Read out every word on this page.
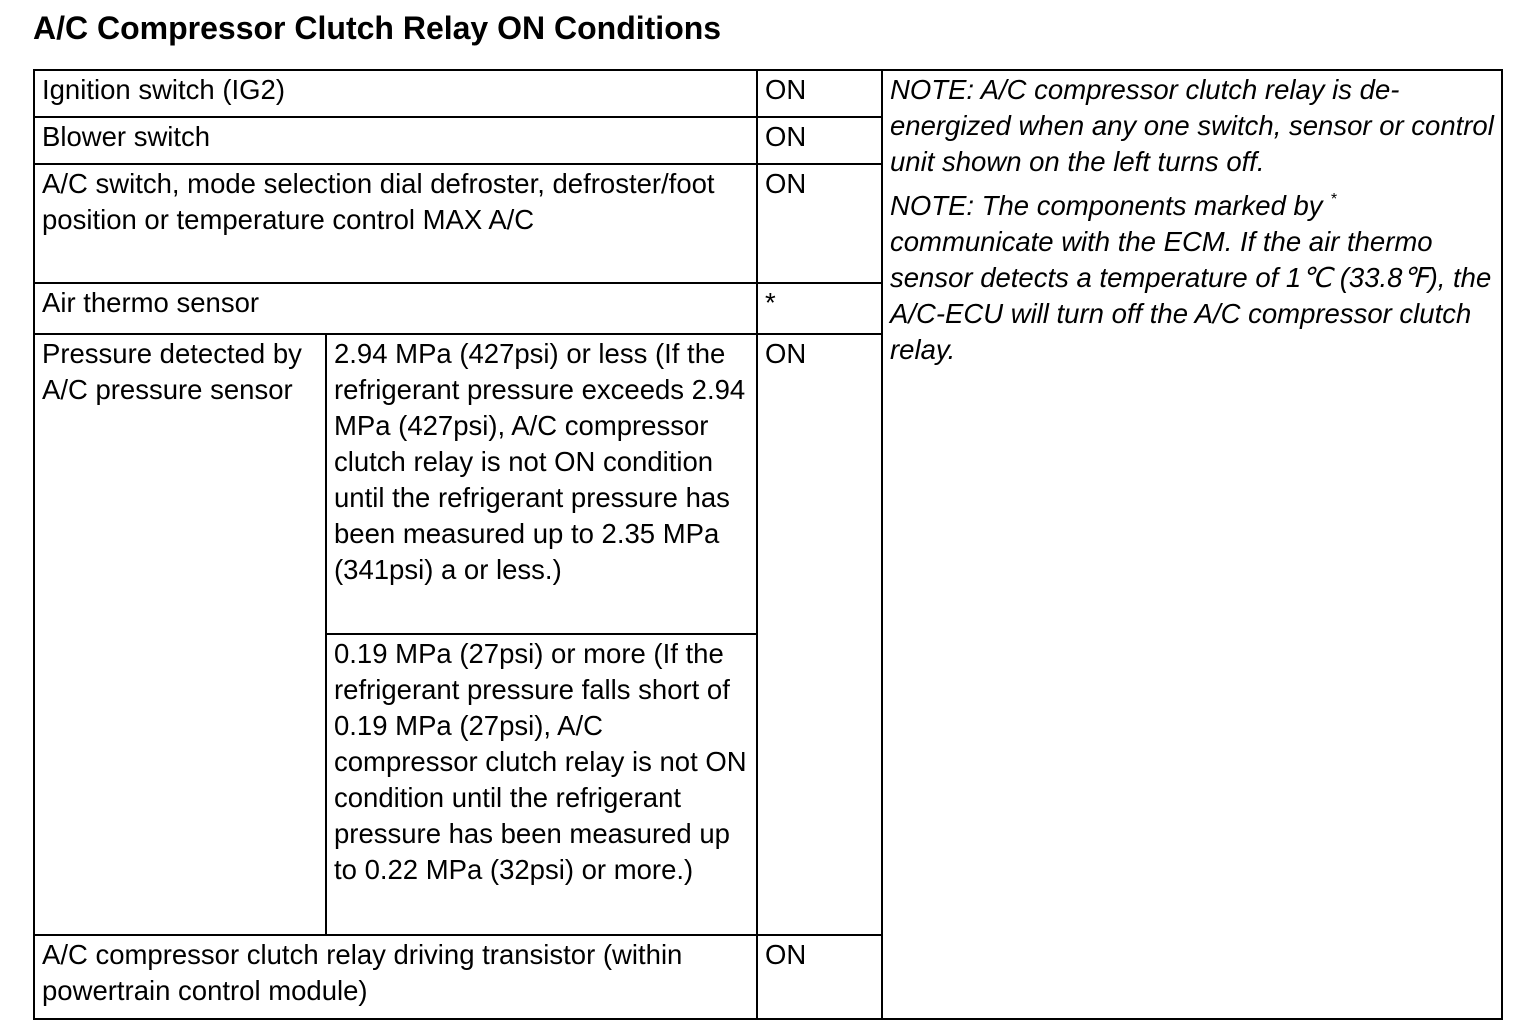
A/C Compressor Clutch Relay ON Conditions
Ignition switch (IG2)		ON	NOTE: A/C compressor clutch relay is de-energized when any one switch, sensor or control unit shown on the left turns off.
NOTE: The components marked by *
communicate with the ECM. If the air thermo sensor detects a temperature of 1℃ (33.8℉), the A/C-ECU will turn off the A/C compressor clutch relay.

Blower switch		ON	
A/C switch, mode selection dial defroster, defroster/foot position or temperature control MAX A/C		ON	
Air thermo sensor		*	
Pressure detected by A/C pressure sensor	2.94 MPa (427psi) or less (If the refrigerant pressure exceeds 2.94 MPa (427psi), A/C compressor clutch relay is not ON condition until the refrigerant pressure has been measured up to 2.35 MPa (341psi) a or less.)	ON	
	0.19 MPa (27psi) or more (If the refrigerant pressure falls short of 0.19 MPa (27psi), A/C compressor clutch relay is not ON condition until the refrigerant pressure has been measured up to 0.22 MPa (32psi) or more.)		
A/C compressor clutch relay driving transistor (within powertrain control module)		ON	
